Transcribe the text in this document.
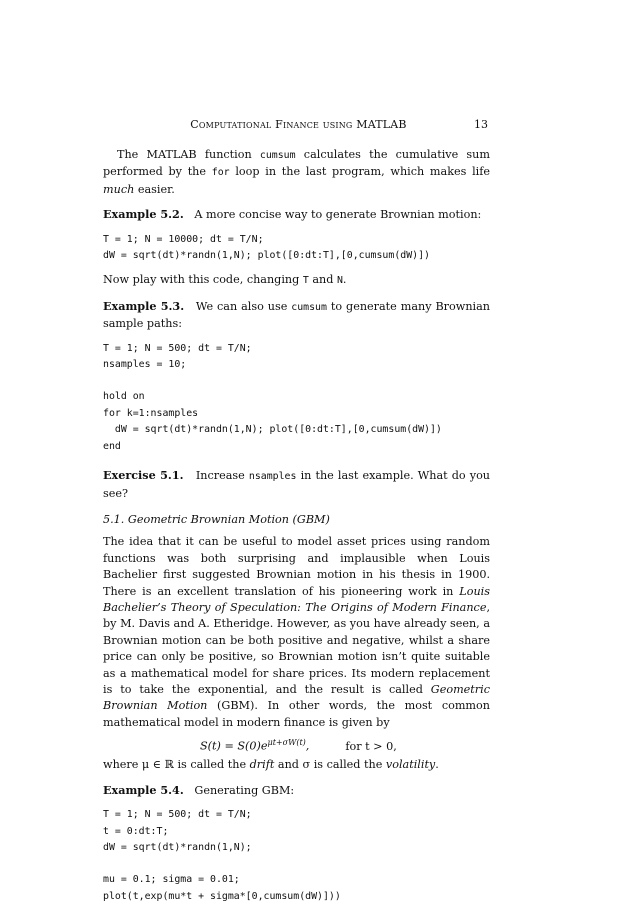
Computational Finance using MATLAB	13

The MATLAB function cumsum calculates the cumulative sum performed by the for loop in the last program, which makes life much easier.

Example 5.2. A more concise way to generate Brownian motion:

T = 1; N = 10000; dt = T/N;
dW = sqrt(dt)*randn(1,N); plot([0:dt:T],[0,cumsum(dW)])

Now play with this code, changing T and N.

Example 5.3. We can also use cumsum to generate many Brownian sample paths:

T = 1; N = 500; dt = T/N;
nsamples = 10;
hold on
for k=1:nsamples
dW = sqrt(dt)*randn(1,N); plot([0:dt:T],[0,cumsum(dW)])
end

Exercise 5.1. Increase nsamples in the last example. What do you see?

5.1. Geometric Brownian Motion (GBM)

The idea that it can be useful to model asset prices using random functions was both surprising and implausible when Louis Bachelier first suggested Brownian motion in his thesis in 1900. There is an excellent translation of his pioneering work in Louis Bachelier’s Theory of Speculation: The Origins of Modern Finance, by M. Davis and A. Etheridge. However, as you have already seen, a Brownian motion can be both positive and negative, whilst a share price can only be positive, so Brownian motion isn’t quite suitable as a mathematical model for share prices. Its modern replacement is to take the exponential, and the result is called Geometric Brownian Motion (GBM). In other words, the most common mathematical model in modern finance is given by

$S(t) = S(0)e^{\mu t+\sigma W(t)}$,	for t > 0,

where μ ∈ ℝ is called the drift and σ is called the volatility.

Example 5.4. Generating GBM:

T = 1; N = 500; dt = T/N;
t = 0:dt:T;
dW = sqrt(dt)*randn(1,N);
mu = 0.1; sigma = 0.01;
plot(t,exp(mu*t + sigma*[0,cumsum(dW)]))
